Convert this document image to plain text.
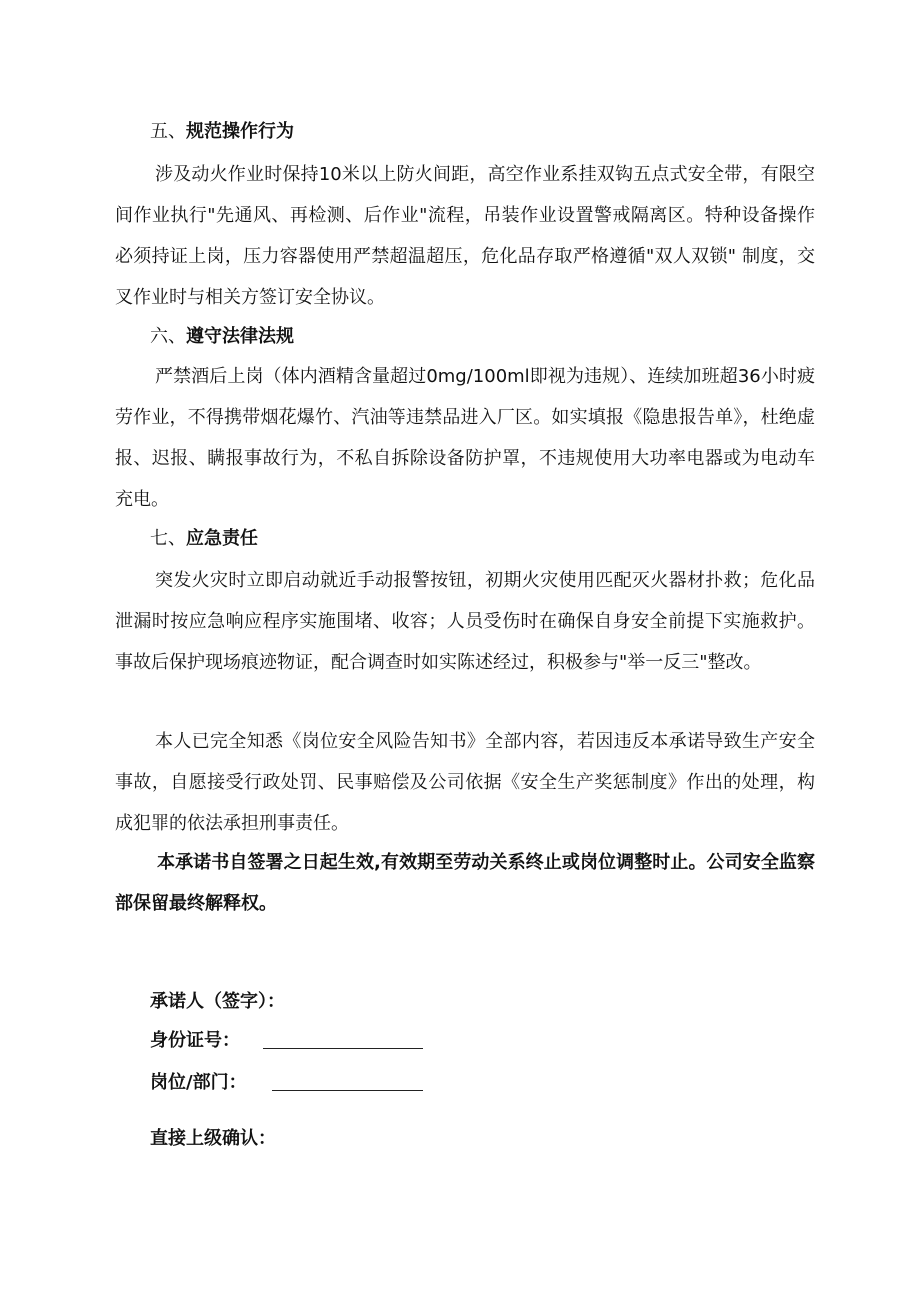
五、规范操作行为
涉及动火作业时保持10米以上防火间距，高空作业系挂双钩五点式安全带，有限空间作业执行"先通风、再检测、后作业"流程，吊装作业设置警戒隔离区。特种设备操作必须持证上岗，压力容器使用严禁超温超压，危化品存取严格遵循"双人双锁" 制度，交叉作业时与相关方签订安全协议。
六、遵守法律法规
严禁酒后上岗（体内酒精含量超过0mg/100ml即视为违规）、连续加班超36小时疲劳作业，不得携带烟花爆竹、汽油等违禁品进入厂区。如实填报《隐患报告单》，杜绝虚报、迟报、瞒报事故行为，不私自拆除设备防护罩，不违规使用大功率电器或为电动车充电。
七、应急责任
突发火灾时立即启动就近手动报警按钮，初期火灾使用匹配灭火器材扑救；危化品泄漏时按应急响应程序实施围堵、收容；人员受伤时在确保自身安全前提下实施救护。事故后保护现场痕迹物证，配合调查时如实陈述经过，积极参与"举一反三"整改。
本人已完全知悉《岗位安全风险告知书》全部内容，若因违反本承诺导致生产安全事故，自愿接受行政处罚、民事赔偿及公司依据《安全生产奖惩制度》作出的处理，构成犯罪的依法承担刑事责任。
本承诺书自签署之日起生效,有效期至劳动关系终止或岗位调整时止。公司安全监察部保留最终解释权。
承诺人（签字）：
身份证号：
岗位/部门：
直接上级确认：
